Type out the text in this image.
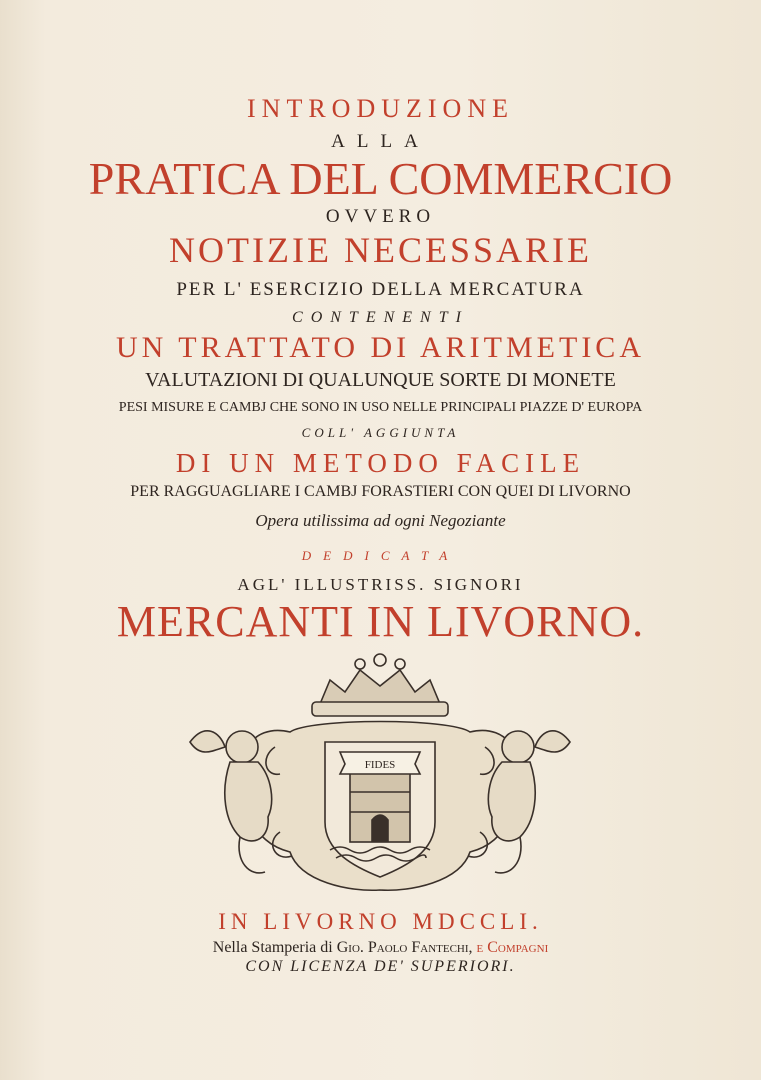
INTRODUZIONE
ALLA
PRATICA DEL COMMERCIO
OVVERO
NOTIZIE NECESSARIE
PER L' ESERCIZIO DELLA MERCATURA
CONTENENTI
UN TRATTATO DI ARITMETICA
VALUTAZIONI DI QUALUNQUE SORTE DI MONETE
PESI MISURE E CAMBJ CHE SONO IN USO NELLE PRINCIPALI PIAZZE D' EUROPA
COLL' AGGIUNTA
DI UN METODO FACILE
PER RAGGUAGLIARE I CAMBJ FORASTIERI CON QUEI DI LIVORNO
Opera utilissima ad ogni Negoziante
DEDICATA
AGL' ILLUSTRISS. SIGNORI
MERCANTI IN LIVORNO.
FIDES
IN LIVORNO MDCCLI.
Nella Stamperia di Gio. Paolo Fantechi, e Compagni
CON LICENZA DE' SUPERIORI.
